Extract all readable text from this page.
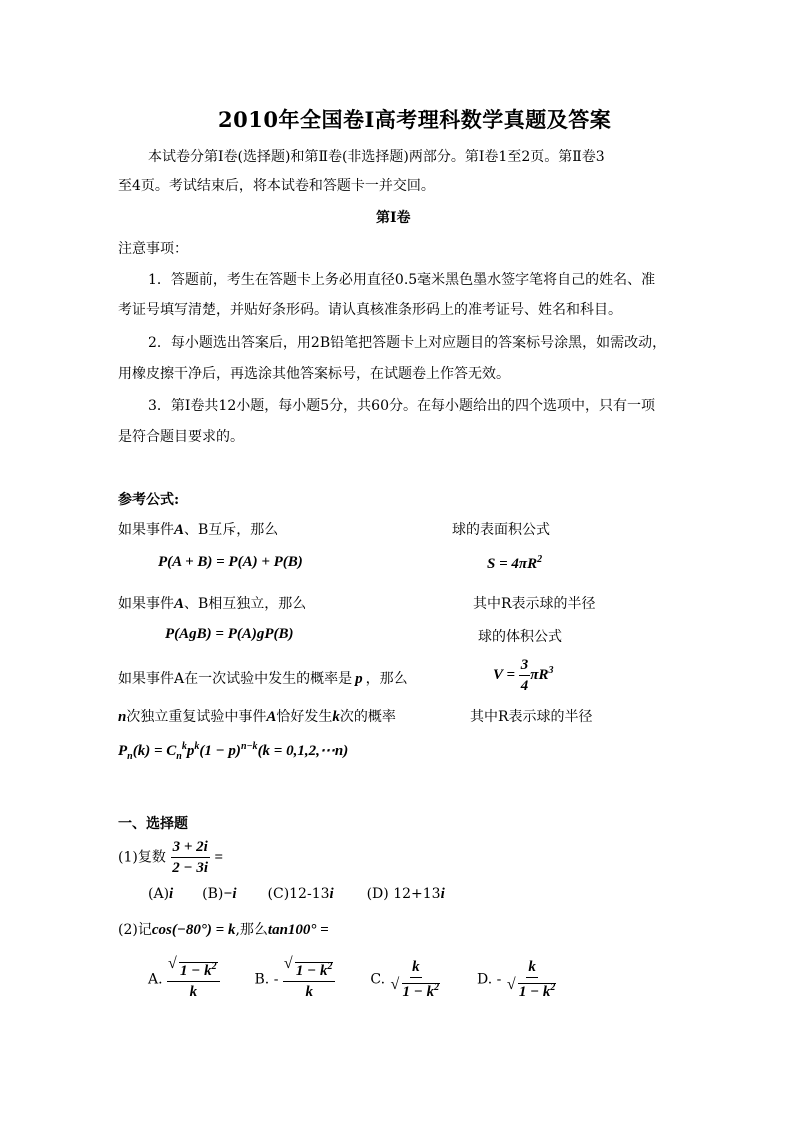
2010年全国卷Ⅰ高考理科数学真题及答案
本试卷分第Ⅰ卷(选择题)和第Ⅱ卷(非选择题)两部分。第Ⅰ卷1至2页。第Ⅱ卷3
至4页。考试结束后，将本试卷和答题卡一并交回。
第Ⅰ卷
注意事项：
1．答题前，考生在答题卡上务必用直径0.5毫米黑色墨水签字笔将自己的姓名、准
考证号填写清楚，并贴好条形码。请认真核准条形码上的准考证号、姓名和科目。
2．每小题选出答案后，用2B铅笔把答题卡上对应题目的答案标号涂黑，如需改动，
用橡皮擦干净后，再选涂其他答案标号，在试题卷上作答无效。
3．第Ⅰ卷共12小题，每小题5分，共60分。在每小题给出的四个选项中，只有一项
是符合题目要求的。
参考公式:
如果事件A、B互斥，那么	球的表面积公式
P(A + B) = P(A) + P(B)	$S = 4\pi R^2$
如果事件A、B相互独立，那么	其中R表示球的半径
P(AgB) = P(A)gP(B)	球的体积公式
如果事件A在一次试验中发生的概率是 p ，那么	$V = \frac{3}{4} \pi R^3$
n次独立重复试验中事件A恰好发生k次的概率	其中R表示球的半径
$P_n(k) = C_n^kp^k(1 - p)^{n-k}(k$ = 0,1,2,⋯n)
一、选择题
(1)复数 $\frac{3 + 2i}{2 - 3i}$ =
(A)i (B)−i (C)12-13i (D) 12+13i
(2)记cos(−80°) = k,那么tan100° =
A. √ $\frac{1 - k^2}{k} B$. - √ $\frac{1 - k^2}{k} C$. k
√ $1 - k^2$ D. - k
√ $1 - k^2$
